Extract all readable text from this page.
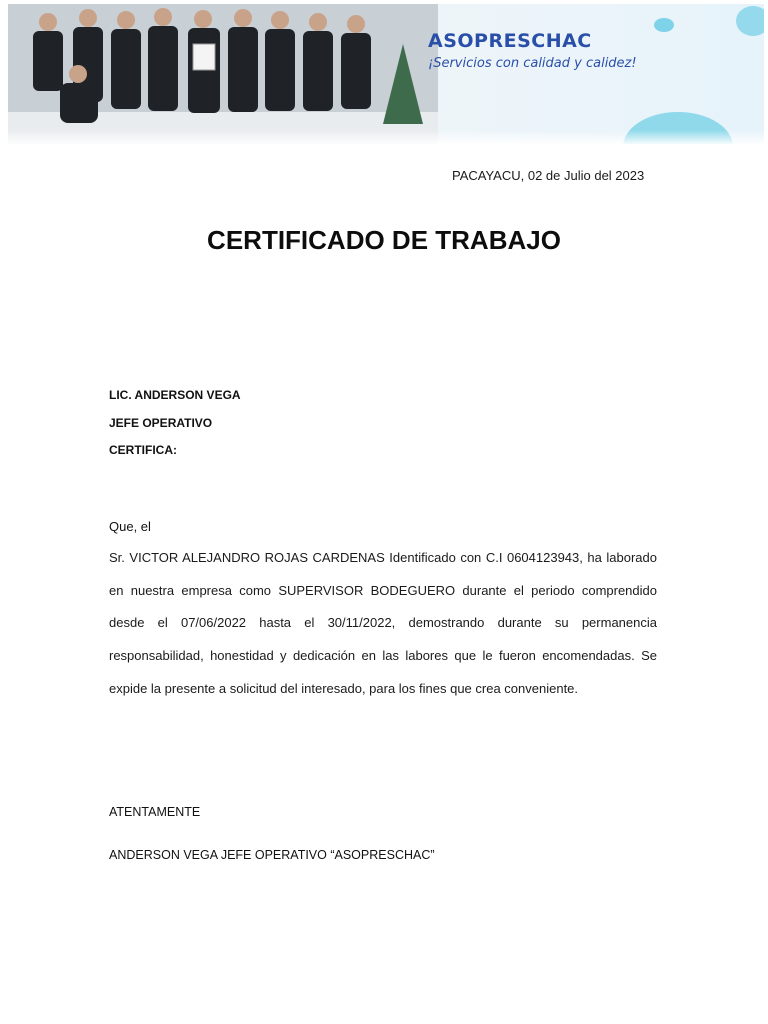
ASOPRESCHAC
¡Servicios con calidad y calidez!
PACAYACU, 02 de Julio del 2023
CERTIFICADO DE TRABAJO
LIC. ANDERSON VEGA
JEFE OPERATIVO
CERTIFICA:
Que, el
Sr. VICTOR ALEJANDRO ROJAS CARDENAS Identificado con C.I 0604123943, ha laborado en nuestra empresa como SUPERVISOR BODEGUERO durante el periodo comprendido desde el 07/06/2022 hasta el 30/11/2022, demostrando durante su permanencia responsabilidad, honestidad y dedicación en las labores que le fueron encomendadas. Se expide la presente a solicitud del interesado, para los fines que crea conveniente.
ATENTAMENTE
ANDERSON VEGA JEFE OPERATIVO “ASOPRESCHAC”
